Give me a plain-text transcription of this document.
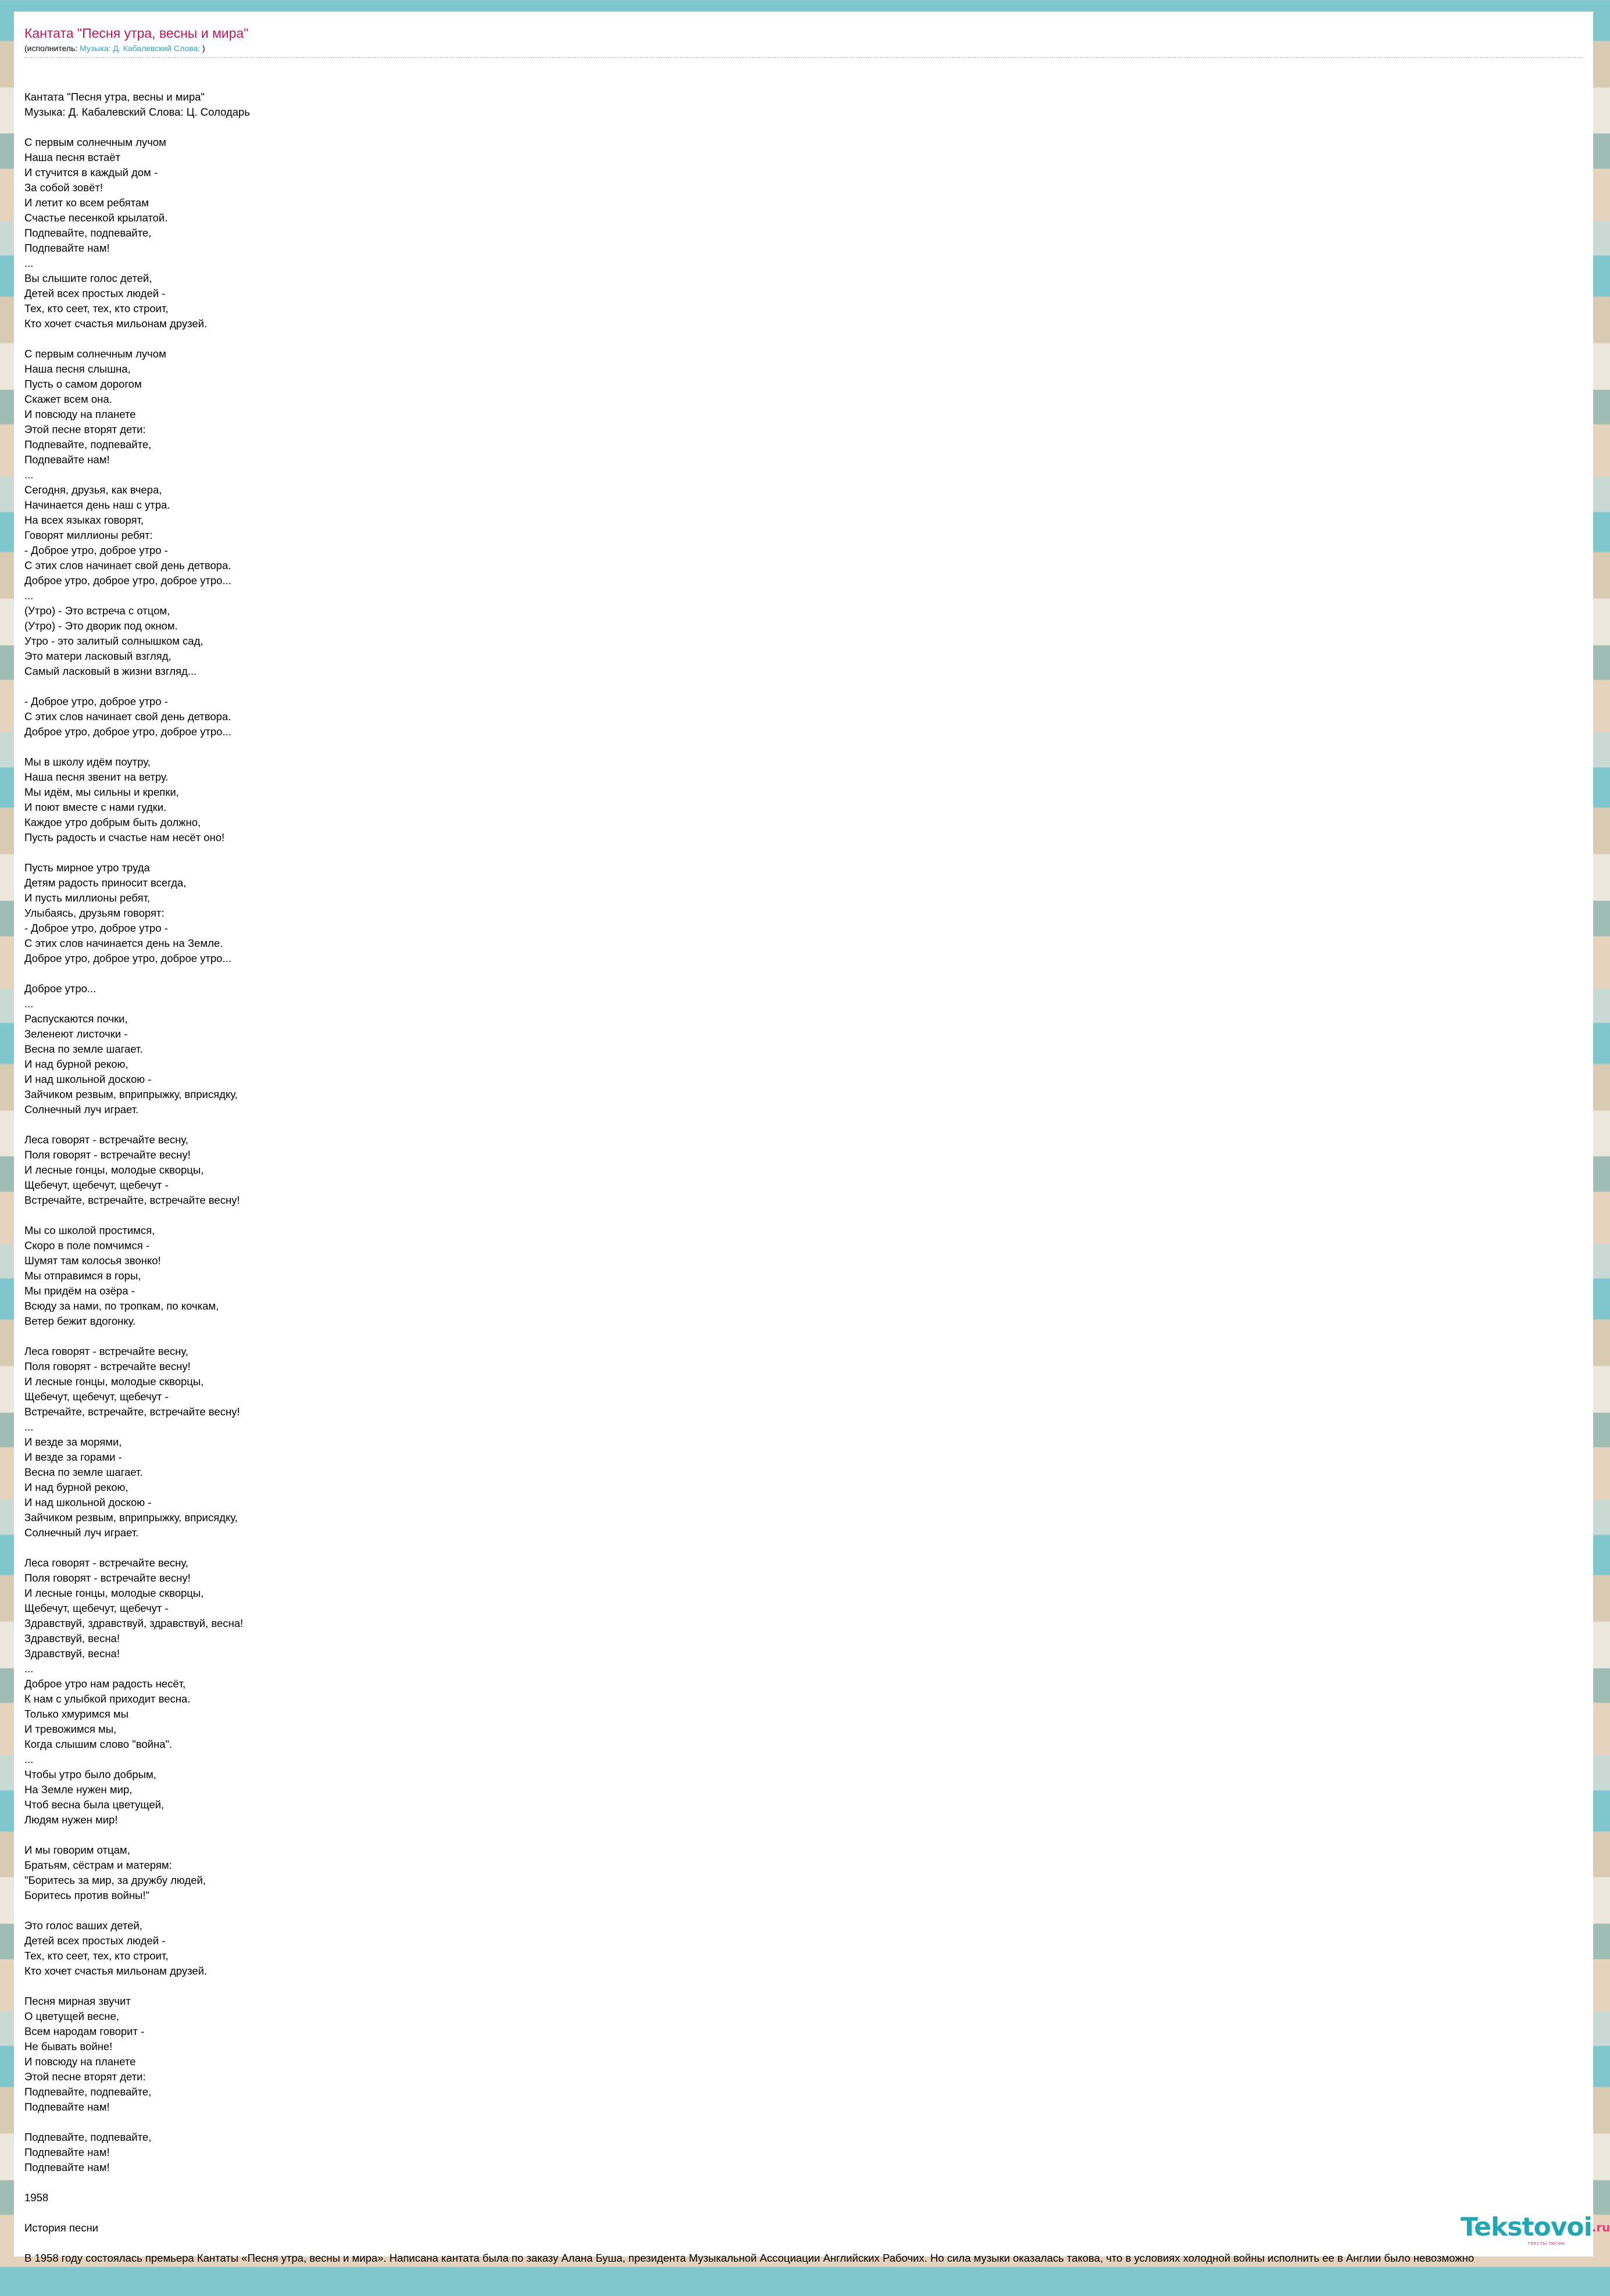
Кантата "Песня утра, весны и мира"
(исполнитель: Музыка: Д. Кабалевский Слова: )

Кантата "Песня утра, весны и мира"
Музыка: Д. Кабалевский Слова: Ц. Солодарь

С первым солнечным лучом
Наша песня встаёт
И стучится в каждый дом -
За собой зовёт!
И летит ко всем ребятам
Счастье песенкой крылатой.
Подпевайте, подпевайте,
Подпевайте нам!
...
Вы слышите голос детей,
Детей всех простых людей -
Тех, кто сеет, тех, кто строит,
Кто хочет счастья мильонам друзей.

С первым солнечным лучом
Наша песня слышна,
Пусть о самом дорогом
Скажет всем она.
И повсюду на планете
Этой песне вторят дети:
Подпевайте, подпевайте,
Подпевайте нам!
...
Сегодня, друзья, как вчера,
Начинается день наш с утра.
На всех языках говорят,
Говорят миллионы ребят:
- Доброе утро, доброе утро -
С этих слов начинает свой день детвора.
Доброе утро, доброе утро, доброе утро...
...
(Утро) - Это встреча с отцом,
(Утро) - Это дворик под окном.
Утро - это залитый солнышком сад,
Это матери ласковый взгляд,
Самый ласковый в жизни взгляд...

- Доброе утро, доброе утро -
С этих слов начинает свой день детвора.
Доброе утро, доброе утро, доброе утро...

Мы в школу идём поутру,
Наша песня звенит на ветру.
Мы идём, мы сильны и крепки,
И поют вместе с нами гудки.
Каждое утро добрым быть должно,
Пусть радость и счастье нам несёт оно!

Пусть мирное утро труда
Детям радость приносит всегда,
И пусть миллионы ребят,
Улыбаясь, друзьям говорят:
- Доброе утро, доброе утро -
С этих слов начинается день на Земле.
Доброе утро, доброе утро, доброе утро...

Доброе утро...
...
Распускаются почки,
Зеленеют листочки -
Весна по земле шагает.
И над бурной рекою,
И над школьной доскою -
Зайчиком резвым, вприпрыжку, вприсядку,
Солнечный луч играет.

Леса говорят - встречайте весну,
Поля говорят - встречайте весну!
И лесные гонцы, молодые скворцы,
Щебечут, щебечут, щебечут -
Встречайте, встречайте, встречайте весну!

Мы со школой простимся,
Скоро в поле помчимся -
Шумят там колосья звонко!
Мы отправимся в горы,
Мы придём на озёра -
Всюду за нами, по тропкам, по кочкам,
Ветер бежит вдогонку.

Леса говорят - встречайте весну,
Поля говорят - встречайте весну!
И лесные гонцы, молодые скворцы,
Щебечут, щебечут, щебечут -
Встречайте, встречайте, встречайте весну!
...
И везде за морями,
И везде за горами -
Весна по земле шагает.
И над бурной рекою,
И над школьной доскою -
Зайчиком резвым, вприпрыжку, вприсядку,
Солнечный луч играет.

Леса говорят - встречайте весну,
Поля говорят - встречайте весну!
И лесные гонцы, молодые скворцы,
Щебечут, щебечут, щебечут -
Здравствуй, здравствуй, здравствуй, весна!
Здравствуй, весна!
Здравствуй, весна!
...
Доброе утро нам радость несёт,
К нам с улыбкой приходит весна.
Только хмуримся мы
И тревожимся мы,
Когда слышим слово "война".
...
Чтобы утро было добрым,
На Земле нужен мир,
Чтоб весна была цветущей,
Людям нужен мир!

И мы говорим отцам,
Братьям, сёстрам и матерям:
"Боритесь за мир, за дружбу людей,
Боритесь против войны!"

Это голос ваших детей,
Детей всех простых людей -
Тех, кто сеет, тех, кто строит,
Кто хочет счастья мильонам друзей.

Песня мирная звучит
О цветущей весне,
Всем народам говорит -
Не бывать войне!
И повсюду на планете
Этой песне вторят дети:
Подпевайте, подпевайте,
Подпевайте нам!

Подпевайте, подпевайте,
Подпевайте нам!
Подпевайте нам!

1958

История песни

В 1958 году состоялась премьера Кантаты «Песня утра, весны и мира». Написана кантата была по заказу Алана Буша, президента Музыкальной Ассоциации Английских Рабочих. Но сила музыки оказалась такова, что в условиях холодной войны исполнить ее в Англии было невозможно

Tekstovoi$^{.ru}$
тексты песен
